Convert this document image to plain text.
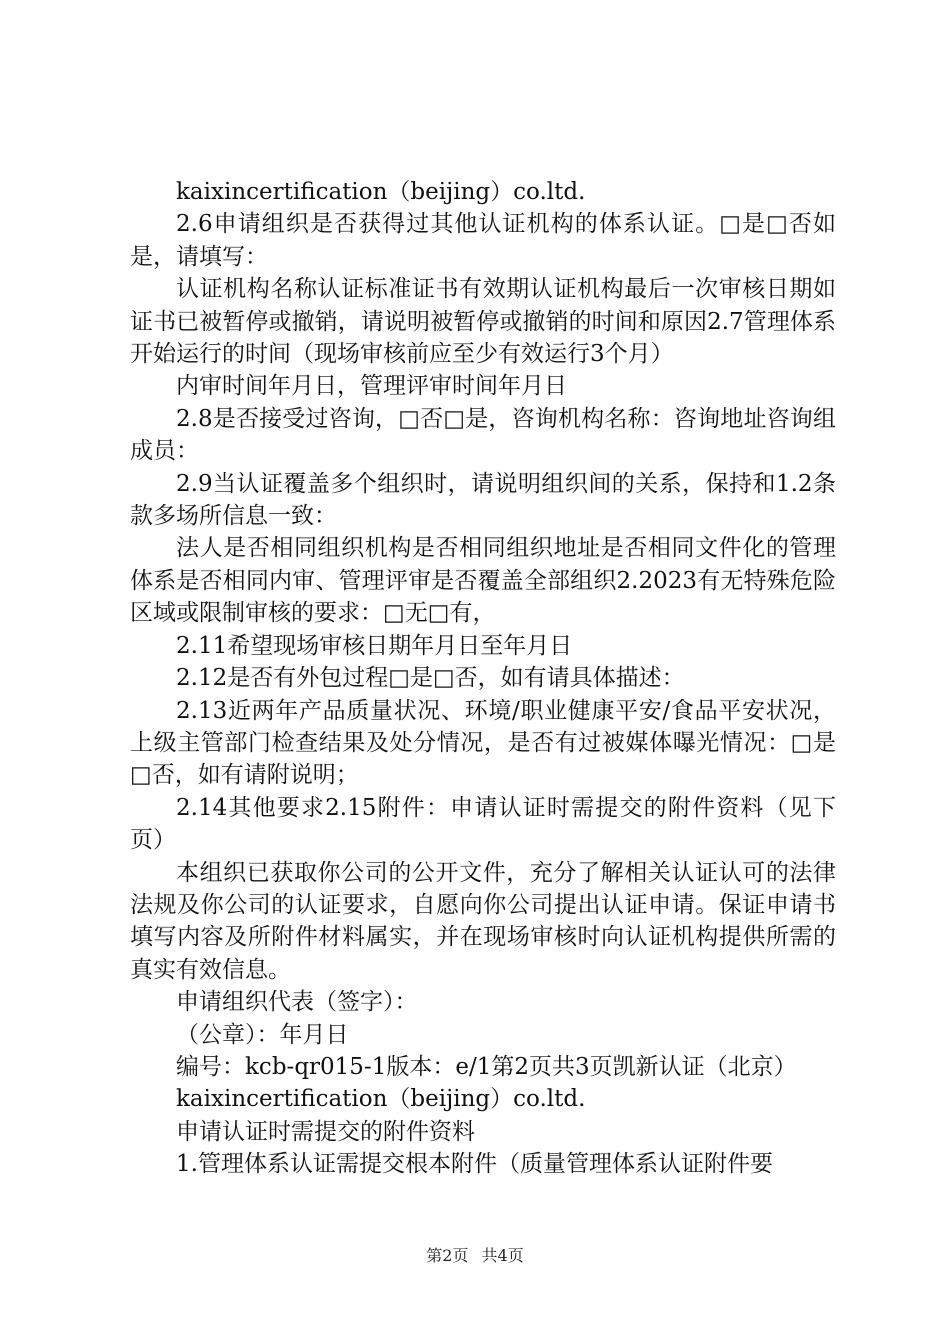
kaixincertification（beijing）co.ltd.

2.6申请组织是否获得过其他认证机构的体系认证。□是□否如是，请填写：

认证机构名称认证标准证书有效期认证机构最后一次审核日期如证书已被暂停或撤销，请说明被暂停或撤销的时间和原因2.7管理体系开始运行的时间（现场审核前应至少有效运行3个月）

内审时间年月日，管理评审时间年月日

2.8是否接受过咨询，□否□是，咨询机构名称：咨询地址咨询组成员：

2.9当认证覆盖多个组织时，请说明组织间的关系，保持和1.2条款多场所信息一致：

法人是否相同组织机构是否相同组织地址是否相同文件化的管理体系是否相同内审、管理评审是否覆盖全部组织2.2023有无特殊危险区域或限制审核的要求：□无□有，

2.11希望现场审核日期年月日至年月日

2.12是否有外包过程□是□否，如有请具体描述：

2.13近两年产品质量状况、环境/职业健康平安/食品平安状况，上级主管部门检查结果及处分情况，是否有过被媒体曝光情况：□是□否，如有请附说明；

2.14其他要求2.15附件：申请认证时需提交的附件资料（见下页）

本组织已获取你公司的公开文件，充分了解相关认证认可的法律法规及你公司的认证要求，自愿向你公司提出认证申请。保证申请书填写内容及所附件材料属实，并在现场审核时向认证机构提供所需的真实有效信息。

申请组织代表（签字）：

（公章）：年月日

编号：kcb-qr015-1版本：e/1第2页共3页凯新认证（北京）

kaixincertification（beijing）co.ltd.

申请认证时需提交的附件资料

1.管理体系认证需提交根本附件（质量管理体系认证附件要

第2页 共4页
